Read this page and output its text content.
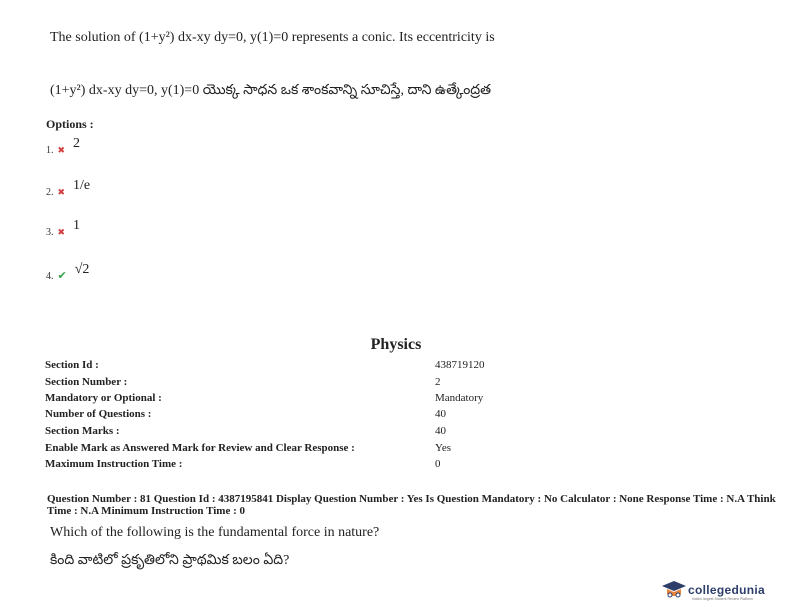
The solution of (1+y²) dx-xy dy=0, y(1)=0 represents a conic. Its eccentricity is
(1+y²) dx-xy dy=0, y(1)=0 యొక్క సాధన ఒక శాంకవాన్ని సూచిస్తే, దాని ఉత్కేంద్రత
Options :
1. ✖ 2
2. ✖ 1/e
3. ✖ 1
4. ✔ √2
Physics
Section Id :	438719120
Section Number :	2
Mandatory or Optional :	Mandatory
Number of Questions :	40
Section Marks :	40
Enable Mark as Answered Mark for Review and Clear Response :	Yes
Maximum Instruction Time :	0
Question Number : 81 Question Id : 4387195841 Display Question Number : Yes Is Question Mandatory : No Calculator : None Response Time : N.A Think Time : N.A Minimum Instruction Time : 0
Which of the following is the fundamental force in nature?
కింది వాటిలో ప్రకృతిలోని ప్రాథమిక బలం ఏది?
collegedunia
India's largest Student Review Platform
